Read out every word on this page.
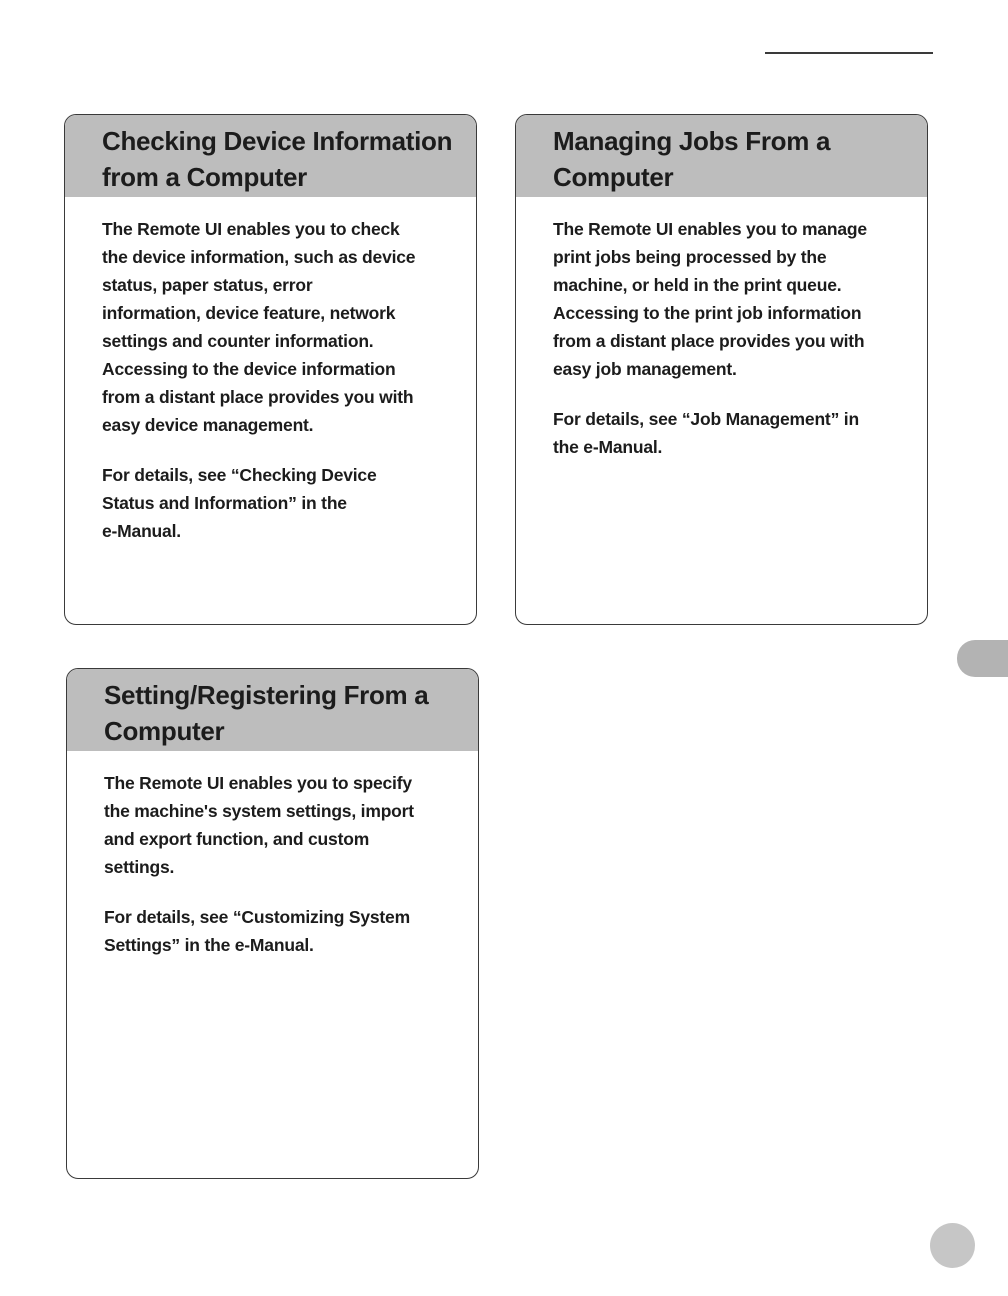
Checking Device Information
from a Computer

The Remote UI enables you to check
the device information, such as device
status, paper status, error
information, device feature, network
settings and counter information.
Accessing to the device information
from a distant place provides you with
easy device management.

For details, see “Checking Device
Status and Information” in the
e-Manual.

Managing Jobs From a
Computer

The Remote UI enables you to manage
print jobs being processed by the
machine, or held in the print queue.
Accessing to the print job information
from a distant place provides you with
easy job management.

For details, see “Job Management” in
the e-Manual.

Setting/Registering From a
Computer

The Remote UI enables you to specify
the machine's system settings, import
and export function, and custom
settings.

For details, see “Customizing System
Settings” in the e-Manual.
